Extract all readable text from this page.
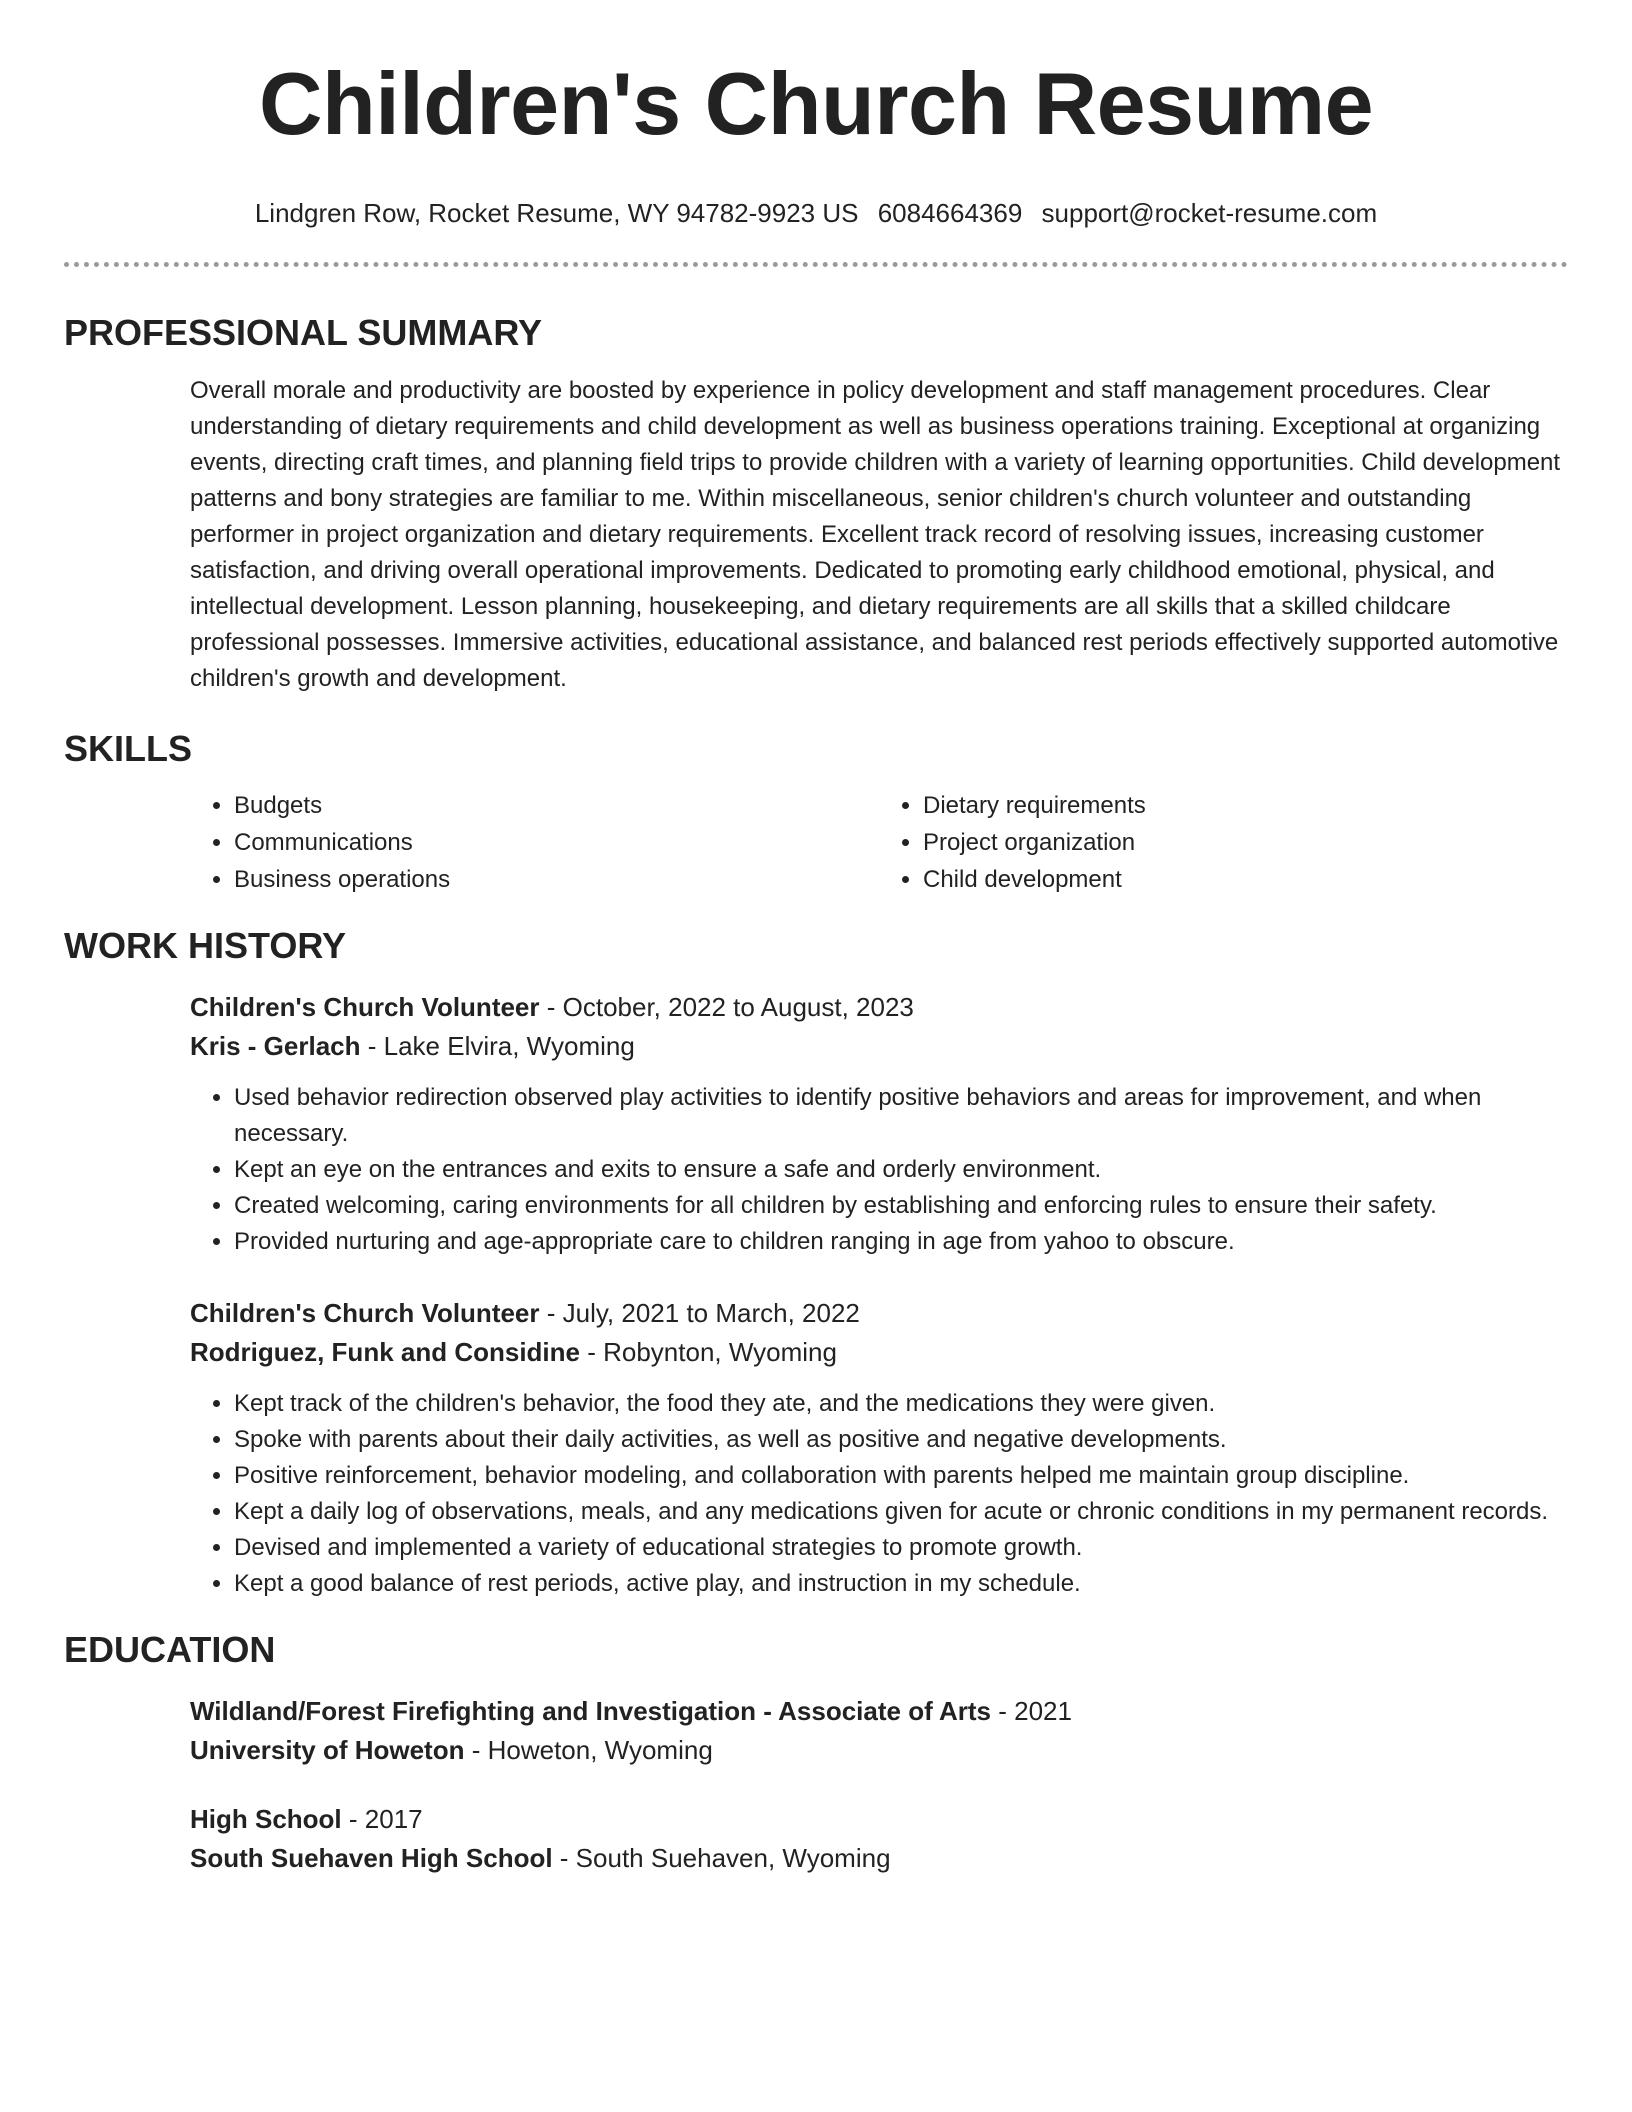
Children's Church Resume
Lindgren Row, Rocket Resume, WY 94782-9923 US 6084664369 support@rocket-resume.com
PROFESSIONAL SUMMARY

Overall morale and productivity are boosted by experience in policy development and staff management procedures. Clear understanding of dietary requirements and child development as well as business operations training. Exceptional at organizing events, directing craft times, and planning field trips to provide children with a variety of learning opportunities. Child development patterns and bony strategies are familiar to me. Within miscellaneous, senior children's church volunteer and outstanding performer in project organization and dietary requirements. Excellent track record of resolving issues, increasing customer satisfaction, and driving overall operational improvements. Dedicated to promoting early childhood emotional, physical, and intellectual development. Lesson planning, housekeeping, and dietary requirements are all skills that a skilled childcare professional possesses. Immersive activities, educational assistance, and balanced rest periods effectively supported automotive children's growth and development.

SKILLS
• Budgets
• Communications
• Business operations
• Dietary requirements
• Project organization
• Child development
WORK HISTORY
Children's Church Volunteer - October, 2022 to August, 2023
Kris - Gerlach - Lake Elvira, Wyoming
• Used behavior redirection observed play activities to identify positive behaviors and areas for improvement, and when necessary.
• Kept an eye on the entrances and exits to ensure a safe and orderly environment.
• Created welcoming, caring environments for all children by establishing and enforcing rules to ensure their safety.
• Provided nurturing and age-appropriate care to children ranging in age from yahoo to obscure.
Children's Church Volunteer - July, 2021 to March, 2022
Rodriguez, Funk and Considine - Robynton, Wyoming
• Kept track of the children's behavior, the food they ate, and the medications they were given.
• Spoke with parents about their daily activities, as well as positive and negative developments.
• Positive reinforcement, behavior modeling, and collaboration with parents helped me maintain group discipline.
• Kept a daily log of observations, meals, and any medications given for acute or chronic conditions in my permanent records.
• Devised and implemented a variety of educational strategies to promote growth.
• Kept a good balance of rest periods, active play, and instruction in my schedule.
EDUCATION
Wildland/Forest Firefighting and Investigation - Associate of Arts - 2021
University of Howeton - Howeton, Wyoming
High School - 2017
South Suehaven High School - South Suehaven, Wyoming
